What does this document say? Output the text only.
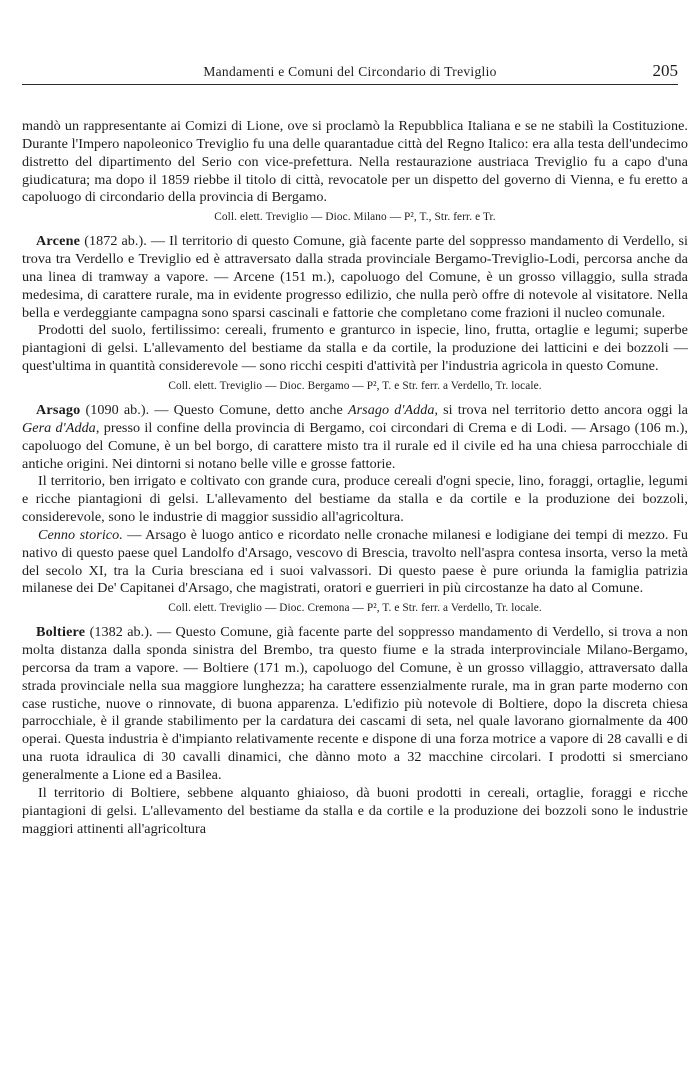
Mandamenti e Comuni del Circondario di Treviglio	205

mandò un rappresentante ai Comizi di Lione, ove si proclamò la Repubblica Italiana e se ne stabilì la Costituzione. Durante l'Impero napoleonico Treviglio fu una delle quarantadue città del Regno Italico: era alla testa dell'undecimo distretto del dipartimento del Serio con vice-prefettura. Nella restaurazione austriaca Treviglio fu a capo d'una giudicatura; ma dopo il 1859 riebbe il titolo di città, revocatole per un dispetto del governo di Vienna, e fu eretto a capoluogo di circondario della provincia di Bergamo.

Coll. elett. Treviglio — Dioc. Milano — P², T., Str. ferr. e Tr.

Arcene (1872 ab.). — Il territorio di questo Comune, già facente parte del soppresso mandamento di Verdello, si trova tra Verdello e Treviglio ed è attraversato dalla strada provinciale Bergamo-Treviglio-Lodi, percorsa anche da una linea di tramway a vapore. — Arcene (151 m.), capoluogo del Comune, è un grosso villaggio, sulla strada medesima, di carattere rurale, ma in evidente progresso edilizio, che nulla però offre di notevole al visitatore. Nella bella e verdeggiante campagna sono sparsi cascinali e fattorie che completano come frazioni il nucleo comunale.

Prodotti del suolo, fertilissimo: cereali, frumento e granturco in ispecie, lino, frutta, ortaglie e legumi; superbe piantagioni di gelsi. L'allevamento del bestiame da stalla e da cortile, la produzione dei latticini e dei bozzoli — quest'ultima in quantità considerevole — sono ricchi cespiti d'attività per l'industria agricola in questo Comune.

Coll. elett. Treviglio — Dioc. Bergamo — P², T. e Str. ferr. a Verdello, Tr. locale.

Arsago (1090 ab.). — Questo Comune, detto anche Arsago d'Adda, si trova nel territorio detto ancora oggi la Gera d'Adda, presso il confine della provincia di Bergamo, coi circondari di Crema e di Lodi. — Arsago (106 m.), capoluogo del Comune, è un bel borgo, di carattere misto tra il rurale ed il civile ed ha una chiesa parrocchiale di antiche origini. Nei dintorni si notano belle ville e grosse fattorie.

Il territorio, ben irrigato e coltivato con grande cura, produce cereali d'ogni specie, lino, foraggi, ortaglie, legumi e ricche piantagioni di gelsi. L'allevamento del bestiame da stalla e da cortile e la produzione dei bozzoli, considerevole, sono le industrie di maggior sussidio all'agricoltura.

Cenno storico. — Arsago è luogo antico e ricordato nelle cronache milanesi e lodigiane dei tempi di mezzo. Fu nativo di questo paese quel Landolfo d'Arsago, vescovo di Brescia, travolto nell'aspra contesa insorta, verso la metà del secolo XI, tra la Curia bresciana ed i suoi valvassori. Di questo paese è pure oriunda la famiglia patrizia milanese dei De' Capitanei d'Arsago, che magistrati, oratori e guerrieri in più circostanze ha dato al Comune.

Coll. elett. Treviglio — Dioc. Cremona — P², T. e Str. ferr. a Verdello, Tr. locale.

Boltiere (1382 ab.). — Questo Comune, già facente parte del soppresso mandamento di Verdello, si trova a non molta distanza dalla sponda sinistra del Brembo, tra questo fiume e la strada interprovinciale Milano-Bergamo, percorsa da tram a vapore. — Boltiere (171 m.), capoluogo del Comune, è un grosso villaggio, attraversato dalla strada provinciale nella sua maggiore lunghezza; ha carattere essenzialmente rurale, ma in gran parte moderno con case rustiche, nuove o rinnovate, di buona apparenza. L'edifizio più notevole di Boltiere, dopo la discreta chiesa parrocchiale, è il grande stabilimento per la cardatura dei cascami di seta, nel quale lavorano giornalmente da 400 operai. Questa industria è d'impianto relativamente recente e dispone di una forza motrice a vapore di 28 cavalli e di una ruota idraulica di 30 cavalli dinamici, che dànno moto a 32 macchine circolari. I prodotti si smerciano generalmente a Lione ed a Basilea.

Il territorio di Boltiere, sebbene alquanto ghiaioso, dà buoni prodotti in cereali, ortaglie, foraggi e ricche piantagioni di gelsi. L'allevamento del bestiame da stalla e da cortile e la produzione dei bozzoli sono le industrie maggiori attinenti all'agricoltura
